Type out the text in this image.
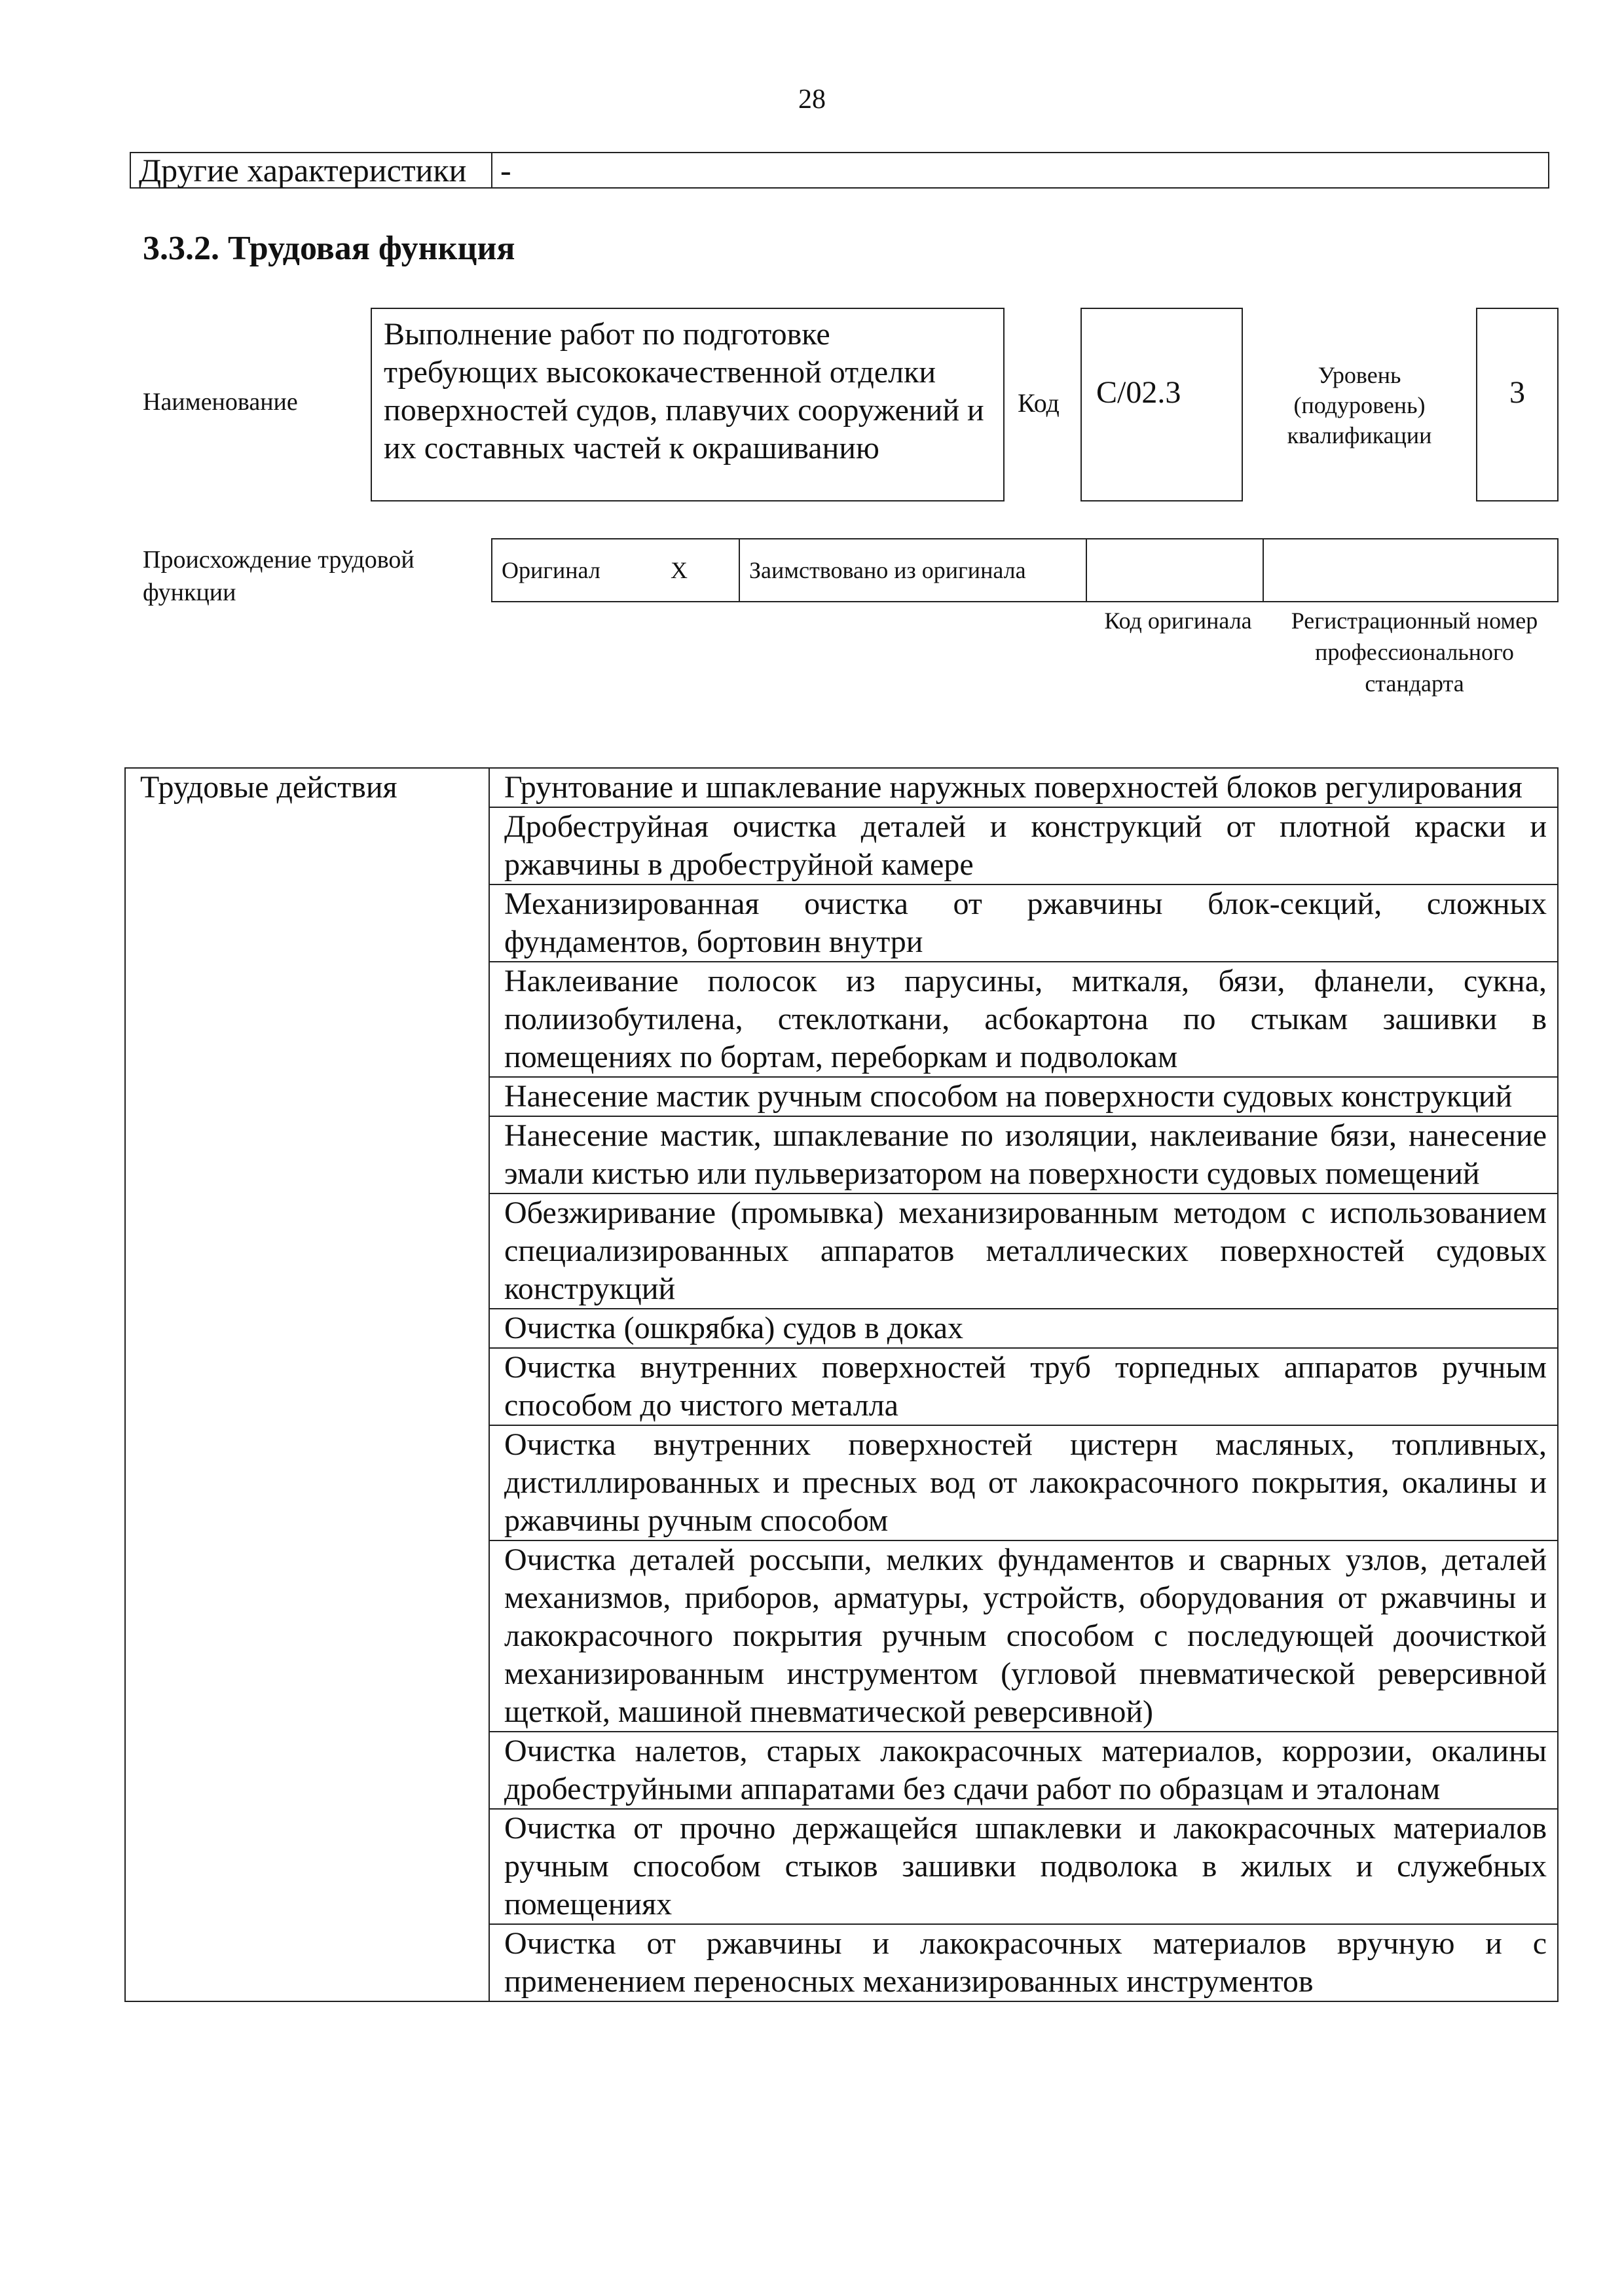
28
Другие характеристики	-
3.3.2. Трудовая функция
Наименование
Выполнение работ по подготовке требующих высококачественной отделки поверхностей судов, плавучих сооружений и их составных частей к окрашиванию
Код	C/02.3	Уровень (подуровень) квалификации
3
Происхождение трудовой функции
Оригинал	X	Заимствовано из оригинала		
Код оригинала	Регистрационный номер профессионального стандарта
Трудовые действия	Грунтование и шпаклевание наружных поверхностей блоков регулирования
Дробеструйная очистка деталей и конструкций от плотной краски и ржавчины в дробеструйной камере
Механизированная очистка от ржавчины блок-секций, сложных фундаментов, бортовин внутри
Наклеивание полосок из парусины, миткаля, бязи, фланели, сукна, полиизобутилена, стеклоткани, асбокартона по стыкам зашивки в помещениях по бортам, переборкам и подволокам
Нанесение мастик ручным способом на поверхности судовых конструкций
Нанесение мастик, шпаклевание по изоляции, наклеивание бязи, нанесение эмали кистью или пульверизатором на поверхности судовых помещений
Обезжиривание (промывка) механизированным методом с использованием специализированных аппаратов металлических поверхностей судовых конструкций
Очистка (ошкрябка) судов в доках
Очистка внутренних поверхностей труб торпедных аппаратов ручным способом до чистого металла
Очистка внутренних поверхностей цистерн масляных, топливных, дистиллированных и пресных вод от лакокрасочного покрытия, окалины и ржавчины ручным способом
Очистка деталей россыпи, мелких фундаментов и сварных узлов, деталей механизмов, приборов, арматуры, устройств, оборудования от ржавчины и лакокрасочного покрытия ручным способом с последующей доочисткой механизированным инструментом (угловой пневматической реверсивной щеткой, машиной пневматической реверсивной)
Очистка налетов, старых лакокрасочных материалов, коррозии, окалины дробеструйными аппаратами без сдачи работ по образцам и эталонам
Очистка от прочно держащейся шпаклевки и лакокрасочных материалов ручным способом стыков зашивки подволока в жилых и служебных помещениях
Очистка от ржавчины и лакокрасочных материалов вручную и с применением переносных механизированных инструментов
